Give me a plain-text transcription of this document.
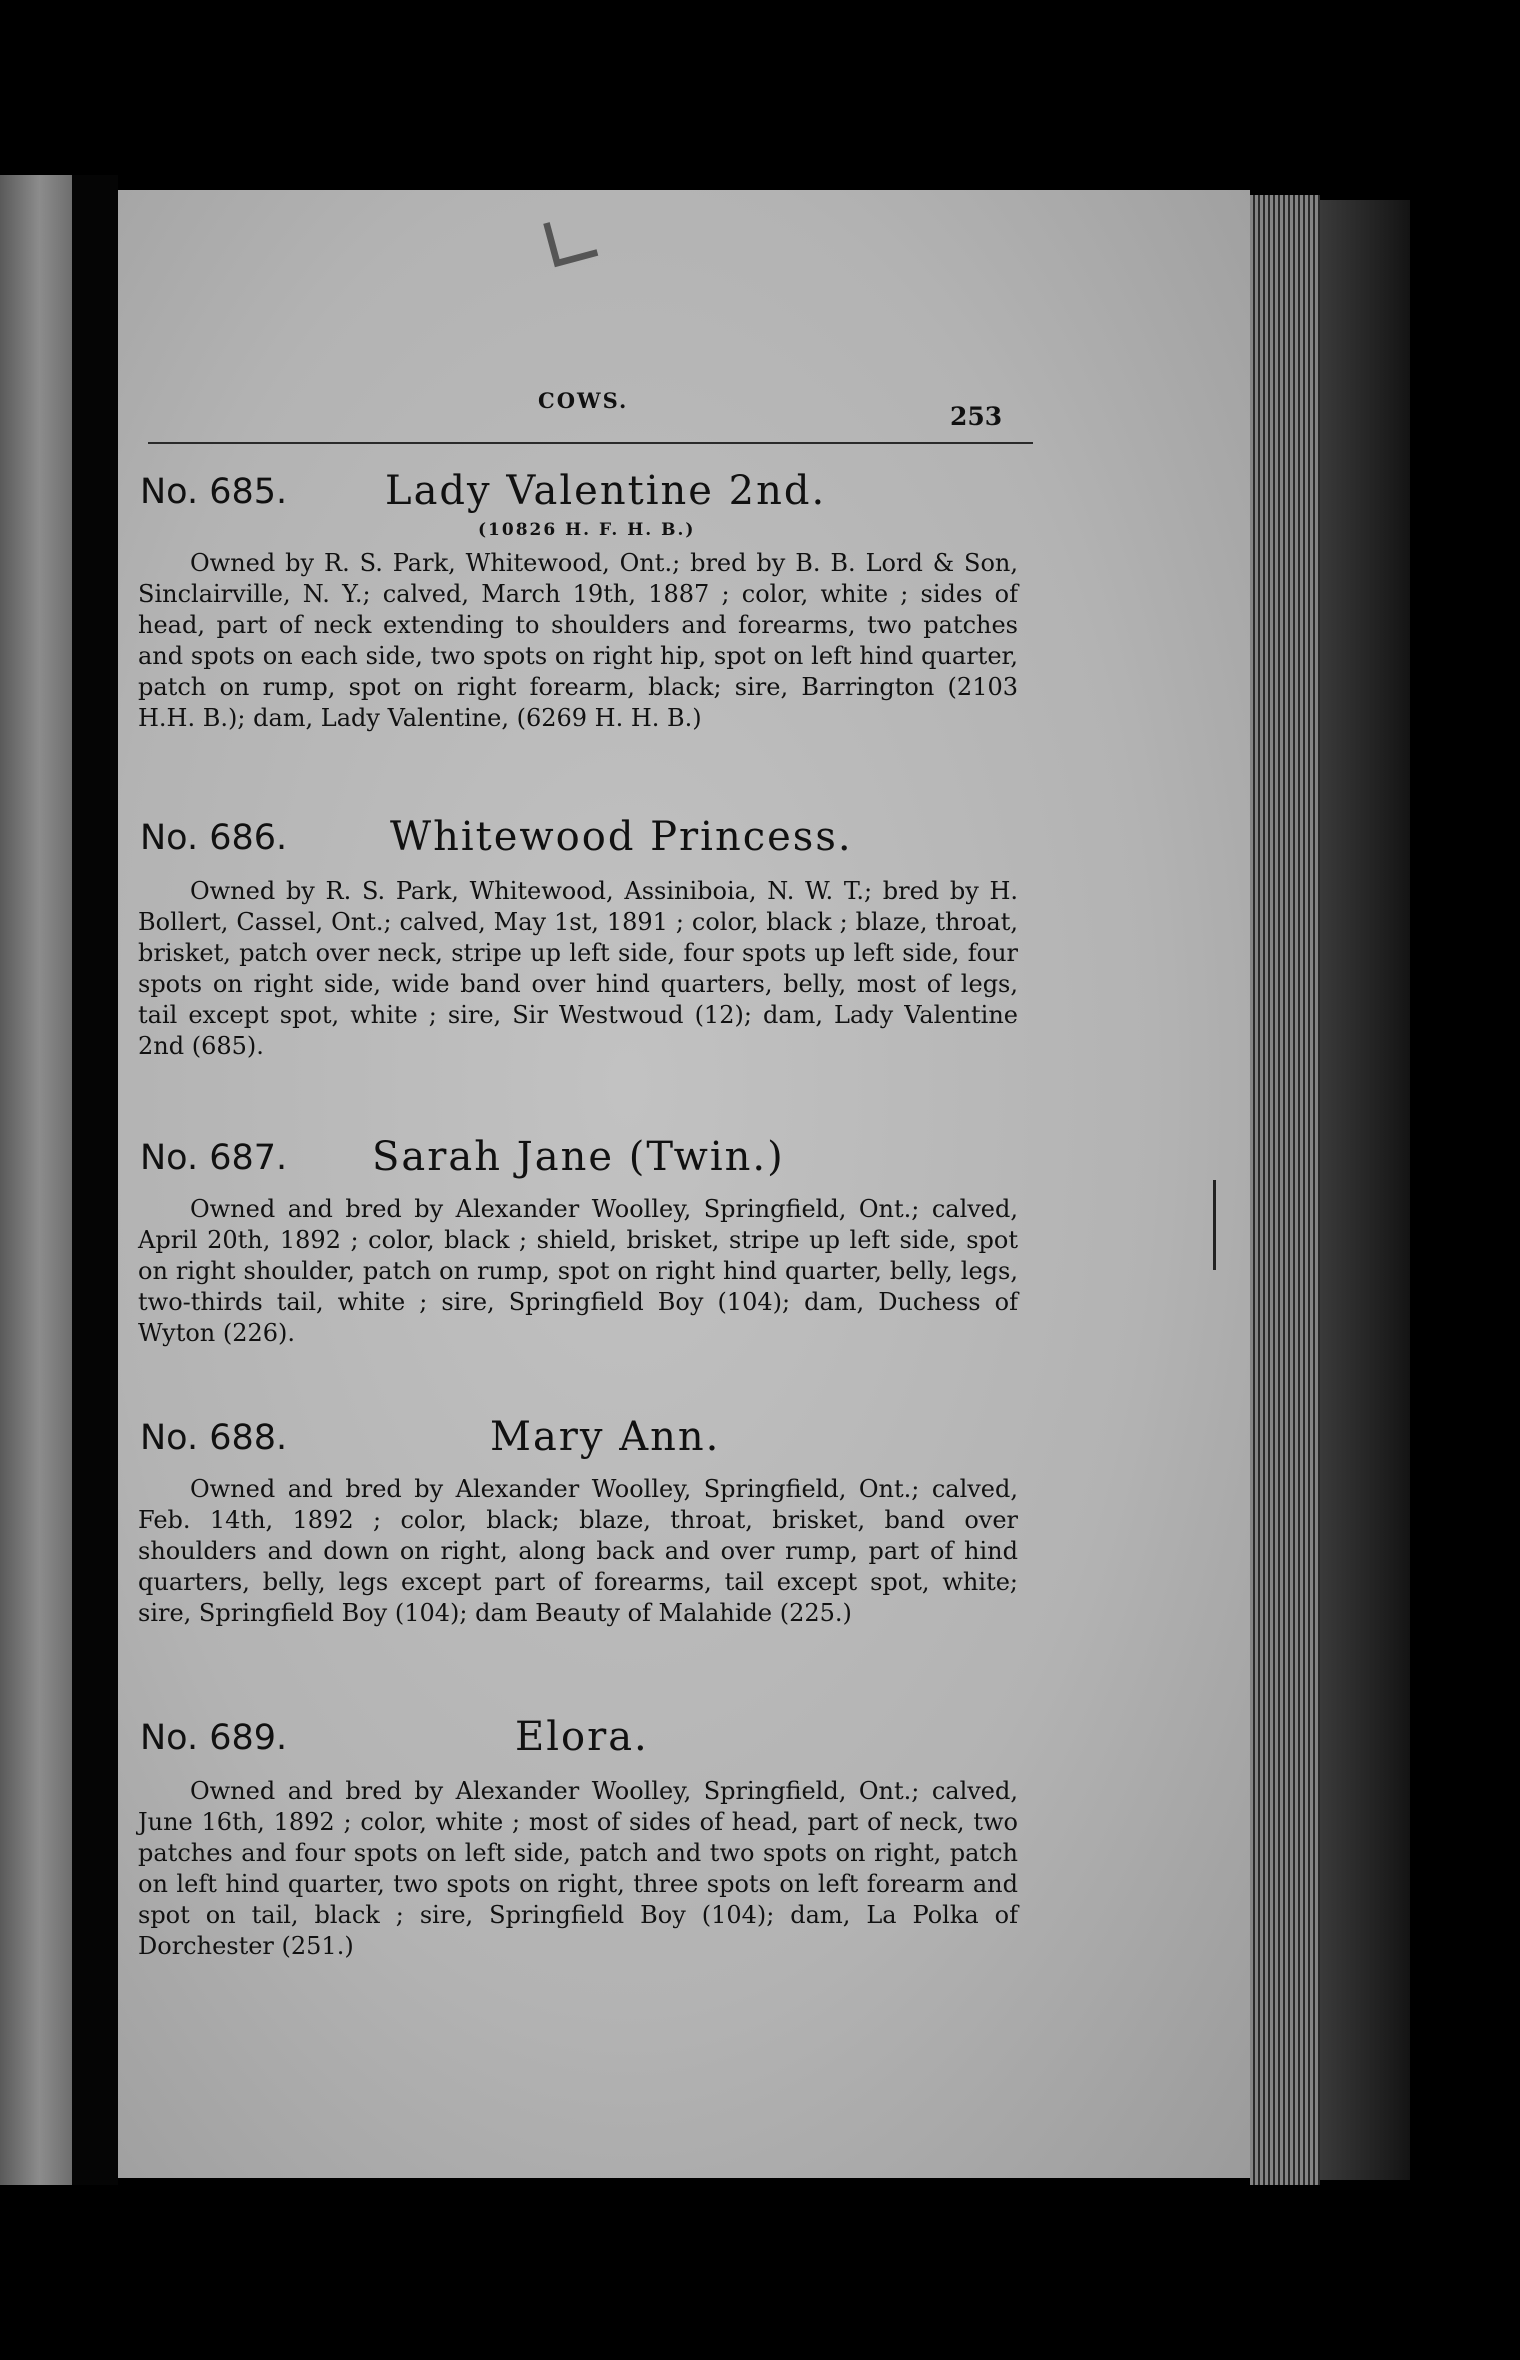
∟
COWS.
253
No. 685. Lady Valentine 2nd.
(10826 H. F. H. B.)

Owned by R. S. Park, Whitewood, Ont.; bred by B. B. Lord & Son, Sinclairville, N. Y.; calved, March 19th, 1887 ; color, white ; sides of head, part of neck extending to shoulders and forearms, two patches and spots on each side, two spots on right hip, spot on left hind quarter, patch on rump, spot on right forearm, black; sire, Barrington (2103 H.H. B.); dam, Lady Valentine, (6269 H. H. B.)

No. 686.	Whitewood Princess.

Owned by R. S. Park, Whitewood, Assiniboia, N. W. T.; bred by H. Bollert, Cassel, Ont.; calved, May 1st, 1891 ; color, black ; blaze, throat, brisket, patch over neck, stripe up left side, four spots up left side, four spots on right side, wide band over hind quarters, belly, most of legs, tail except spot, white ; sire, Sir Westwoud (12); dam, Lady Valentine 2nd (685).

No. 687. Sarah Jane (Twin.)

Owned and bred by Alexander Woolley, Springfield, Ont.; calved, April 20th, 1892 ; color, black ; shield, brisket, stripe up left side, spot on right shoulder, patch on rump, spot on right hind quarter, belly, legs, two-thirds tail, white ; sire, Springfield Boy (104); dam, Duchess of Wyton (226).

No. 688.	Mary Ann.

Owned and bred by Alexander Woolley, Springfield, Ont.; calved, Feb. 14th, 1892 ; color, black; blaze, throat, brisket, band over shoulders and down on right, along back and over rump, part of hind quarters, belly, legs except part of forearms, tail except spot, white; sire, Springfield Boy (104); dam Beauty of Malahide (225.)

No. 689.	Elora.

Owned and bred by Alexander Woolley, Springfield, Ont.; calved, June 16th, 1892 ; color, white ; most of sides of head, part of neck, two patches and four spots on left side, patch and two spots on right, patch on left hind quarter, two spots on right, three spots on left forearm and spot on tail, black ; sire, Springfield Boy (104); dam, La Polka of Dorchester (251.)
